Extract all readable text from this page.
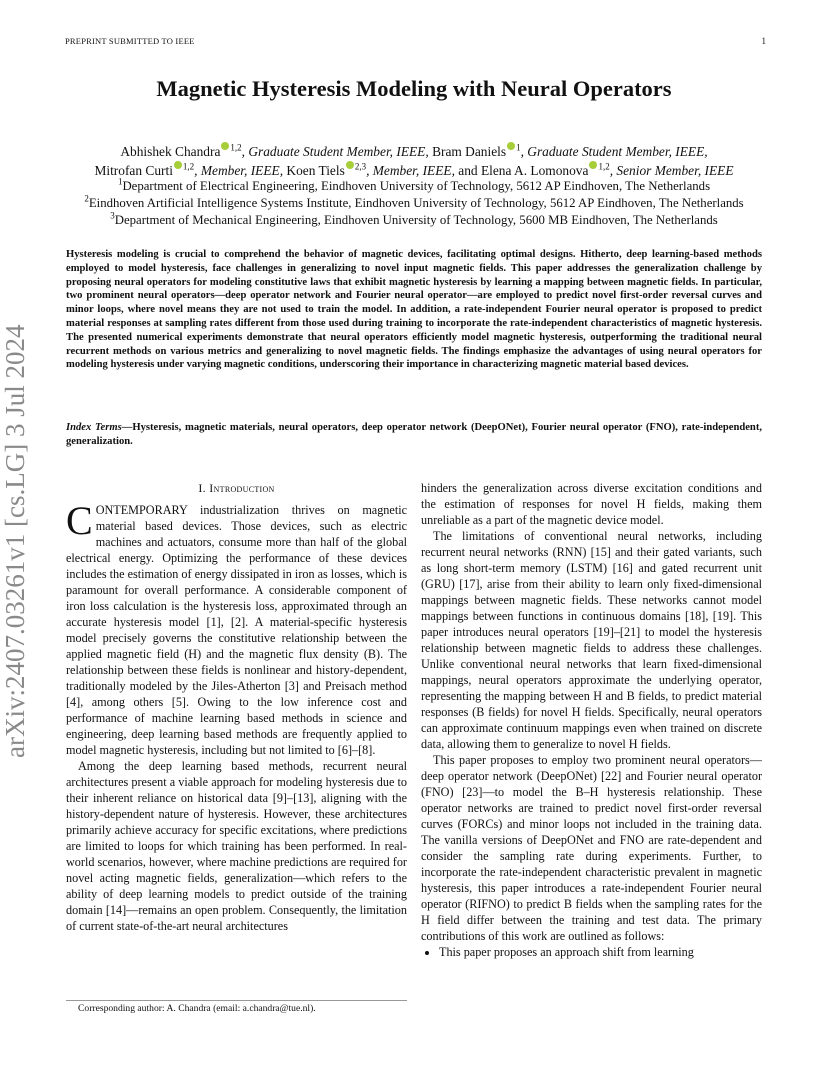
PREPRINT SUBMITTED TO IEEE	1
arXiv:2407.03261v1 [cs.LG] 3 Jul 2024
Magnetic Hysteresis Modeling with Neural Operators
Abhishek Chandra $^{1,2}$, Graduate Student Member, IEEE, Bram Daniels $^1$, Graduate Student Member, IEEE,
Mitrofan Curti $^{1,2}$, Member, IEEE, Koen Tiels $^{2,3}$, Member, IEEE, and Elena A. Lomonova $^{1,2}$, Senior Member, IEEE
$^1$Department of Electrical Engineering, Eindhoven University of Technology, 5612 AP Eindhoven, The Netherlands
$^2$Eindhoven Artificial Intelligence Systems Institute, Eindhoven University of Technology, 5612 AP Eindhoven, The Netherlands
$^3$Department of Mechanical Engineering, Eindhoven University of Technology, 5600 MB Eindhoven, The Netherlands
Hysteresis modeling is crucial to comprehend the behavior of magnetic devices, facilitating optimal designs. Hitherto, deep learning-based methods employed to model hysteresis, face challenges in generalizing to novel input magnetic fields. This paper addresses the generalization challenge by proposing neural operators for modeling constitutive laws that exhibit magnetic hysteresis by learning a mapping between magnetic fields. In particular, two prominent neural operators—deep operator network and Fourier neural operator—are employed to predict novel first-order reversal curves and minor loops, where novel means they are not used to train the model. In addition, a rate-independent Fourier neural operator is proposed to predict material responses at sampling rates different from those used during training to incorporate the rate-independent characteristics of magnetic hysteresis. The presented numerical experiments demonstrate that neural operators efficiently model magnetic hysteresis, outperforming the traditional neural recurrent methods on various metrics and generalizing to novel magnetic fields. The findings emphasize the advantages of using neural operators for modeling hysteresis under varying magnetic conditions, underscoring their importance in characterizing magnetic material based devices.
Index Terms—Hysteresis, magnetic materials, neural operators, deep operator network (DeepONet), Fourier neural operator (FNO), rate-independent, generalization.
I. Introduction

CONTEMPORARY industrialization thrives on magnetic material based devices. Those devices, such as electric machines and actuators, consume more than half of the global electrical energy. Optimizing the performance of these devices includes the estimation of energy dissipated in iron as losses, which is paramount for overall performance. A considerable component of iron loss calculation is the hysteresis loss, approximated through an accurate hysteresis model [1], [2]. A material-specific hysteresis model precisely governs the constitutive relationship between the applied magnetic field (H) and the magnetic flux density (B). The relationship between these fields is nonlinear and history-dependent, traditionally modeled by the Jiles-Atherton [3] and Preisach method [4], among others [5]. Owing to the low inference cost and performance of machine learning based methods in science and engineering, deep learning based methods are frequently applied to model magnetic hysteresis, including but not limited to [6]–[8].

Among the deep learning based methods, recurrent neural architectures present a viable approach for modeling hysteresis due to their inherent reliance on historical data [9]–[13], aligning with the history-dependent nature of hysteresis. However, these architectures primarily achieve accuracy for specific excitations, where predictions are limited to loops for which training has been performed. In real-world scenarios, however, where machine predictions are required for novel acting magnetic fields, generalization—which refers to the ability of deep learning models to predict outside of the training domain [14]—remains an open problem. Consequently, the limitation of current state-of-the-art neural architectures

hinders the generalization across diverse excitation conditions and the estimation of responses for novel H fields, making them unreliable as a part of the magnetic device model.

The limitations of conventional neural networks, including recurrent neural networks (RNN) [15] and their gated variants, such as long short-term memory (LSTM) [16] and gated recurrent unit (GRU) [17], arise from their ability to learn only fixed-dimensional mappings between magnetic fields. These networks cannot model mappings between functions in continuous domains [18], [19]. This paper introduces neural operators [19]–[21] to model the hysteresis relationship between magnetic fields to address these challenges. Unlike conventional neural networks that learn fixed-dimensional mappings, neural operators approximate the underlying operator, representing the mapping between H and B fields, to predict material responses (B fields) for novel H fields. Specifically, neural operators can approximate continuum mappings even when trained on discrete data, allowing them to generalize to novel H fields.

This paper proposes to employ two prominent neural operators—deep operator network (DeepONet) [22] and Fourier neural operator (FNO) [23]—to model the B–H hysteresis relationship. These operator networks are trained to predict novel first-order reversal curves (FORCs) and minor loops not included in the training data. The vanilla versions of DeepONet and FNO are rate-dependent and consider the sampling rate during experiments. Further, to incorporate the rate-independent characteristic prevalent in magnetic hysteresis, this paper introduces a rate-independent Fourier neural operator (RIFNO) to predict B fields when the sampling rates for the H field differ between the training and test data. The primary contributions of this work are outlined as follows:

• This paper proposes an approach shift from learning
Corresponding author: A. Chandra (email: a.chandra@tue.nl).
